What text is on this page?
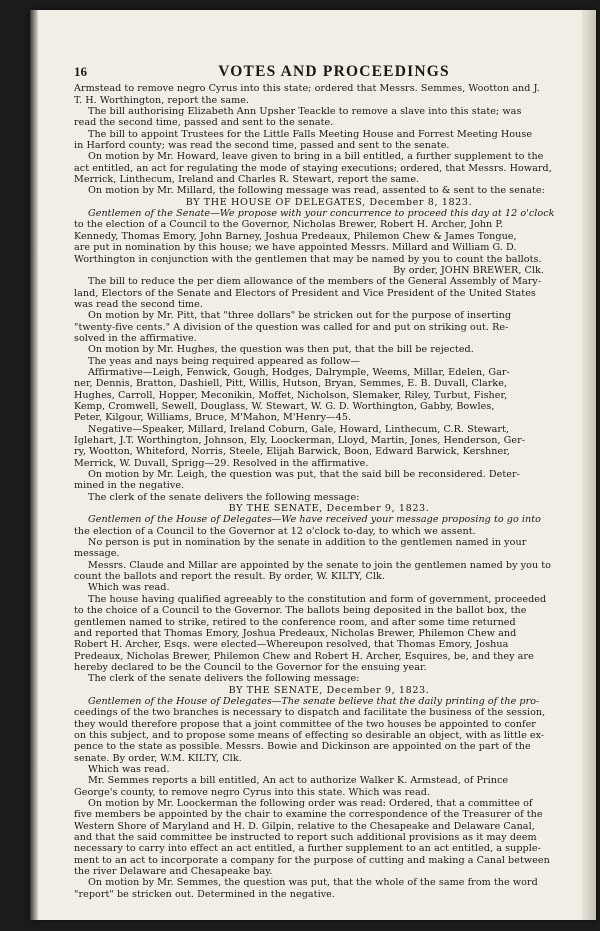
16	VOTES AND PROCEEDINGS
Armstead to remove negro Cyrus into this state; ordered that Messrs. Semmes, Wootton and J.
T. H. Worthington, report the same.
The bill authorising Elizabeth Ann Upsher Teackle to remove a slave into this state; was
read the second time, passed and sent to the senate.
The bill to appoint Trustees for the Little Falls Meeting House and Forrest Meeting House
in Harford county; was read the second time, passed and sent to the senate.
On motion by Mr. Howard, leave given to bring in a bill entitled, a further supplement to the
act entitled, an act for regulating the mode of staying executions; ordered, that Messrs. Howard,
Merrick, Linthecum, Ireland and Charles R. Stewart, report the same.
On motion by Mr. Millard, the following message was read, assented to & sent to the senate:
BY THE HOUSE OF DELEGATES, December 8, 1823.
Gentlemen of the Senate—We propose with your concurrence to proceed this day at 12 o'clock
to the election of a Council to the Governor, Nicholas Brewer, Robert H. Archer, John P.
Kennedy, Thomas Emory, John Barney, Joshua Predeaux, Philemon Chew & James Tongue,
are put in nomination by this house; we have appointed Messrs. Millard and William G. D.
Worthington in conjunction with the gentlemen that may be named by you to count the ballots.
By order, JOHN BREWER, Clk.
The bill to reduce the per diem allowance of the members of the General Assembly of Mary-
land, Electors of the Senate and Electors of President and Vice President of the United States
was read the second time.
On motion by Mr. Pitt, that "three dollars" be stricken out for the purpose of inserting
"twenty-five cents." A division of the question was called for and put on striking out. Re-
solved in the affirmative.
On motion by Mr. Hughes, the question was then put, that the bill be rejected.
The yeas and nays being required appeared as follow—
Affirmative—Leigh, Fenwick, Gough, Hodges, Dalrymple, Weems, Millar, Edelen, Gar-
ner, Dennis, Bratton, Dashiell, Pitt, Willis, Hutson, Bryan, Semmes, E. B. Duvall, Clarke,
Hughes, Carroll, Hopper, Meconikin, Moffet, Nicholson, Slemaker, Riley, Turbut, Fisher,
Kemp, Cromwell, Sewell, Douglass, W. Stewart, W. G. D. Worthington, Gabby, Bowles,
Peter, Kilgour, Williams, Bruce, M'Mahon, M'Henry—45.
Negative—Speaker, Millard, Ireland Coburn, Gale, Howard, Linthecum, C.R. Stewart,
Iglehart, J.T. Worthington, Johnson, Ely, Loockerman, Lloyd, Martin, Jones, Henderson, Ger-
ry, Wootton, Whiteford, Norris, Steele, Elijah Barwick, Boon, Edward Barwick, Kershner,
Merrick, W. Duvall, Sprigg—29. Resolved in the affirmative.
On motion by Mr. Leigh, the question was put, that the said bill be reconsidered. Deter-
mined in the negative.
The clerk of the senate delivers the following message:
BY THE SENATE, December 9, 1823.
Gentlemen of the House of Delegates—We have received your message proposing to go into
the election of a Council to the Governor at 12 o'clock to-day, to which we assent.
No person is put in nomination by the senate in addition to the gentlemen named in your
message.
Messrs. Claude and Millar are appointed by the senate to join the gentlemen named by you to
count the ballots and report the result. By order, W. KILTY, Clk.
Which was read.
The house having qualified agreeably to the constitution and form of government, proceeded
to the choice of a Council to the Governor. The ballots being deposited in the ballot box, the
gentlemen named to strike, retired to the conference room, and after some time returned
and reported that Thomas Emory, Joshua Predeaux, Nicholas Brewer, Philemon Chew and
Robert H. Archer, Esqs. were elected—Whereupon resolved, that Thomas Emory, Joshua
Predeaux, Nicholas Brewer, Philemon Chew and Robert H. Archer, Esquires, be, and they are
hereby declared to be the Council to the Governor for the ensuing year.
The clerk of the senate delivers the following message:
BY THE SENATE, December 9, 1823.
Gentlemen of the House of Delegates—The senate believe that the daily printing of the pro-
ceedings of the two branches is necessary to dispatch and facilitate the business of the session,
they would therefore propose that a joint committee of the two houses be appointed to confer
on this subject, and to propose some means of effecting so desirable an object, with as little ex-
pence to the state as possible. Messrs. Bowie and Dickinson are appointed on the part of the
senate. By order, W.M. KILTY, Clk.
Which was read.
Mr. Semmes reports a bill entitled, An act to authorize Walker K. Armstead, of Prince
George's county, to remove negro Cyrus into this state. Which was read.
On motion by Mr. Loockerman the following order was read: Ordered, that a committee of
five members be appointed by the chair to examine the correspondence of the Treasurer of the
Western Shore of Maryland and H. D. Gilpin, relative to the Chesapeake and Delaware Canal,
and that the said committee be instructed to report such additional provisions as it may deem
necessary to carry into effect an act entitled, a further supplement to an act entitled, a supple-
ment to an act to incorporate a company for the purpose of cutting and making a Canal between
the river Delaware and Chesapeake bay.
On motion by Mr. Semmes, the question was put, that the whole of the same from the word
"report" be stricken out. Determined in the negative.
